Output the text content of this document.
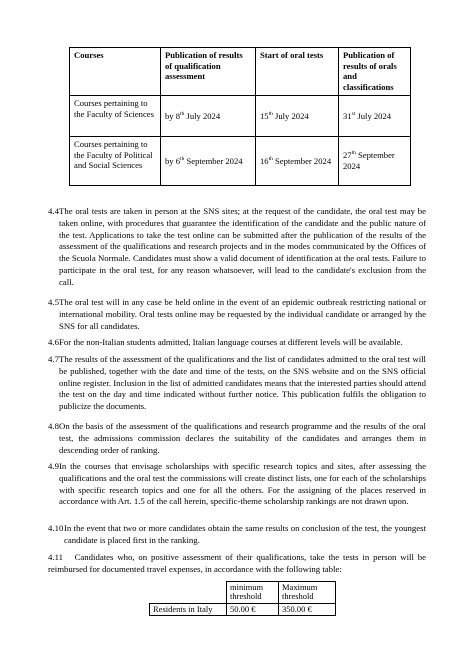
Courses	Publication of results of qualification assessment	Start of oral tests	Publication of results of orals and classifications
Courses pertaining to the Faculty of Sciences	by 8th July 2024	15th July 2024	31st July 2024
Courses pertaining to the Faculty of Political and Social Sciences	by 6th September 2024	16th September 2024	27th September 2024
4.4 The oral tests are taken in person at the SNS sites; at the request of the candidate, the oral test may be taken online, with procedures that guarantee the identification of the candidate and the public nature of the test. Applications to take the test online can be submitted after the publication of the results of the assessment of the qualifications and research projects and in the modes communicated by the Offices of the Scuola Normale. Candidates must show a valid document of identification at the oral tests. Failure to participate in the oral test, for any reason whatsoever, will lead to the candidate's exclusion from the call.
4.5 The oral test will in any case be held online in the event of an epidemic outbreak restricting national or international mobility. Oral tests online may be requested by the individual candidate or arranged by the SNS for all candidates.
4.6 For the non-Italian students admitted, Italian language courses at different levels will be available.
4.7 The results of the assessment of the qualifications and the list of candidates admitted to the oral test will be published, together with the date and time of the tests, on the SNS website and on the SNS official online register. Inclusion in the list of admitted candidates means that the interested parties should attend the test on the day and time indicated without further notice. This publication fulfils the obligation to publicize the documents.
4.8 On the basis of the assessment of the qualifications and research programme and the results of the oral test, the admissions commission declares the suitability of the candidates and arranges them in descending order of ranking.
4.9 In the courses that envisage scholarships with specific research topics and sites, after assessing the qualifications and the oral test the commissions will create distinct lists, one for each of the scholarships with specific research topics and one for all the others. For the assigning of the places reserved in accordance with Art. 1.5 of the call herein, specific-theme scholarship rankings are not drawn upon.
4.10 In the event that two or more candidates obtain the same results on conclusion of the test, the youngest candidate is placed first in the ranking.

4.11 Candidates who, on positive assessment of their qualifications, take the tests in person will be reimbursed for documented travel expenses, in accordance with the following table:

	minimum threshold	Maximum threshold
Residents in Italy	50.00 €	350.00 €
